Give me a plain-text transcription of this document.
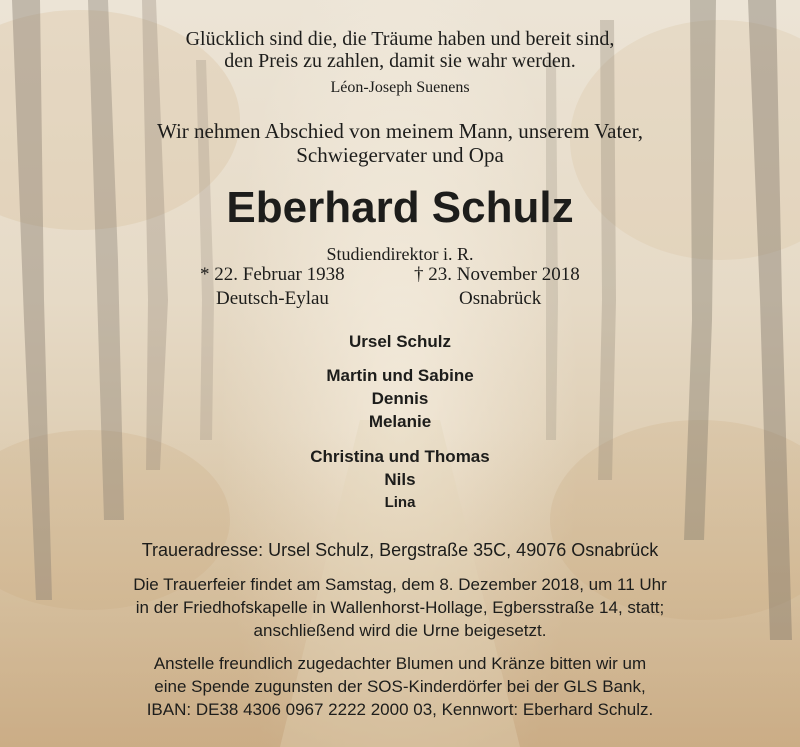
Glücklich sind die, die Träume haben und bereit sind,
den Preis zu zahlen, damit sie wahr werden.
Léon-Joseph Suenens
Wir nehmen Abschied von meinem Mann, unserem Vater,
Schwiegervater und Opa
Eberhard Schulz
Studiendirektor i. R.
* 22. Februar 1938	† 23. November 2018
Deutsch-Eylau	Osnabrück
Ursel Schulz
Martin und Sabine
Dennis
Melanie
Christina und Thomas
Nils
Lina
Traueradresse: Ursel Schulz, Bergstraße 35C, 49076 Osnabrück
Die Trauerfeier findet am Samstag, dem 8. Dezember 2018, um 11 Uhr
in der Friedhofskapelle in Wallenhorst-Hollage, Egbersstraße 14, statt;
anschließend wird die Urne beigesetzt.
Anstelle freundlich zugedachter Blumen und Kränze bitten wir um
eine Spende zugunsten der SOS-Kinderdörfer bei der GLS Bank,
IBAN: DE38 4306 0967 2222 2000 03, Kennwort: Eberhard Schulz.
